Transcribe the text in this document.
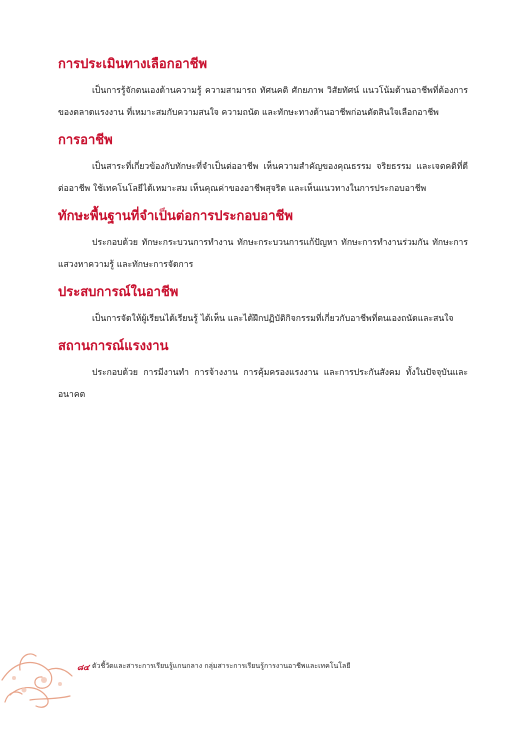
การประเมินทางเลือกอาชีพ

เป็นการรู้จักตนเองด้านความรู้ ความสามารถ ทัศนคติ ศักยภาพ วิสัยทัศน์ แนวโน้มด้านอาชีพที่ต้องการของตลาดแรงงาน ที่เหมาะสมกับความสนใจ ความถนัด และทักษะทางด้านอาชีพก่อนตัดสินใจเลือกอาชีพ

การอาชีพ

เป็นสาระที่เกี่ยวข้องกับทักษะที่จำเป็นต่ออาชีพ เห็นความสำคัญของคุณธรรม จริยธรรม และเจตคติที่ดีต่ออาชีพ ใช้เทคโนโลยีได้เหมาะสม เห็นคุณค่าของอาชีพสุจริต และเห็นแนวทางในการประกอบอาชีพ

ทักษะพื้นฐานที่จำเป็นต่อการประกอบอาชีพ

ประกอบด้วย ทักษะกระบวนการทำงาน ทักษะกระบวนการแก้ปัญหา ทักษะการทำงานร่วมกัน ทักษะการแสวงหาความรู้ และทักษะการจัดการ

ประสบการณ์ในอาชีพ

เป็นการจัดให้ผู้เรียนได้เรียนรู้ ได้เห็น และได้ฝึกปฏิบัติกิจกรรมที่เกี่ยวกับอาชีพที่ตนเองถนัดและสนใจ

สถานการณ์แรงงาน

ประกอบด้วย การมีงานทำ การจ้างงาน การคุ้มครองแรงงาน และการประกันสังคม ทั้งในปัจจุบันและอนาคต

๘๔ ตัวชี้วัดและสาระการเรียนรู้แกนกลาง กลุ่มสาระการเรียนรู้การงานอาชีพและเทคโนโลยี
